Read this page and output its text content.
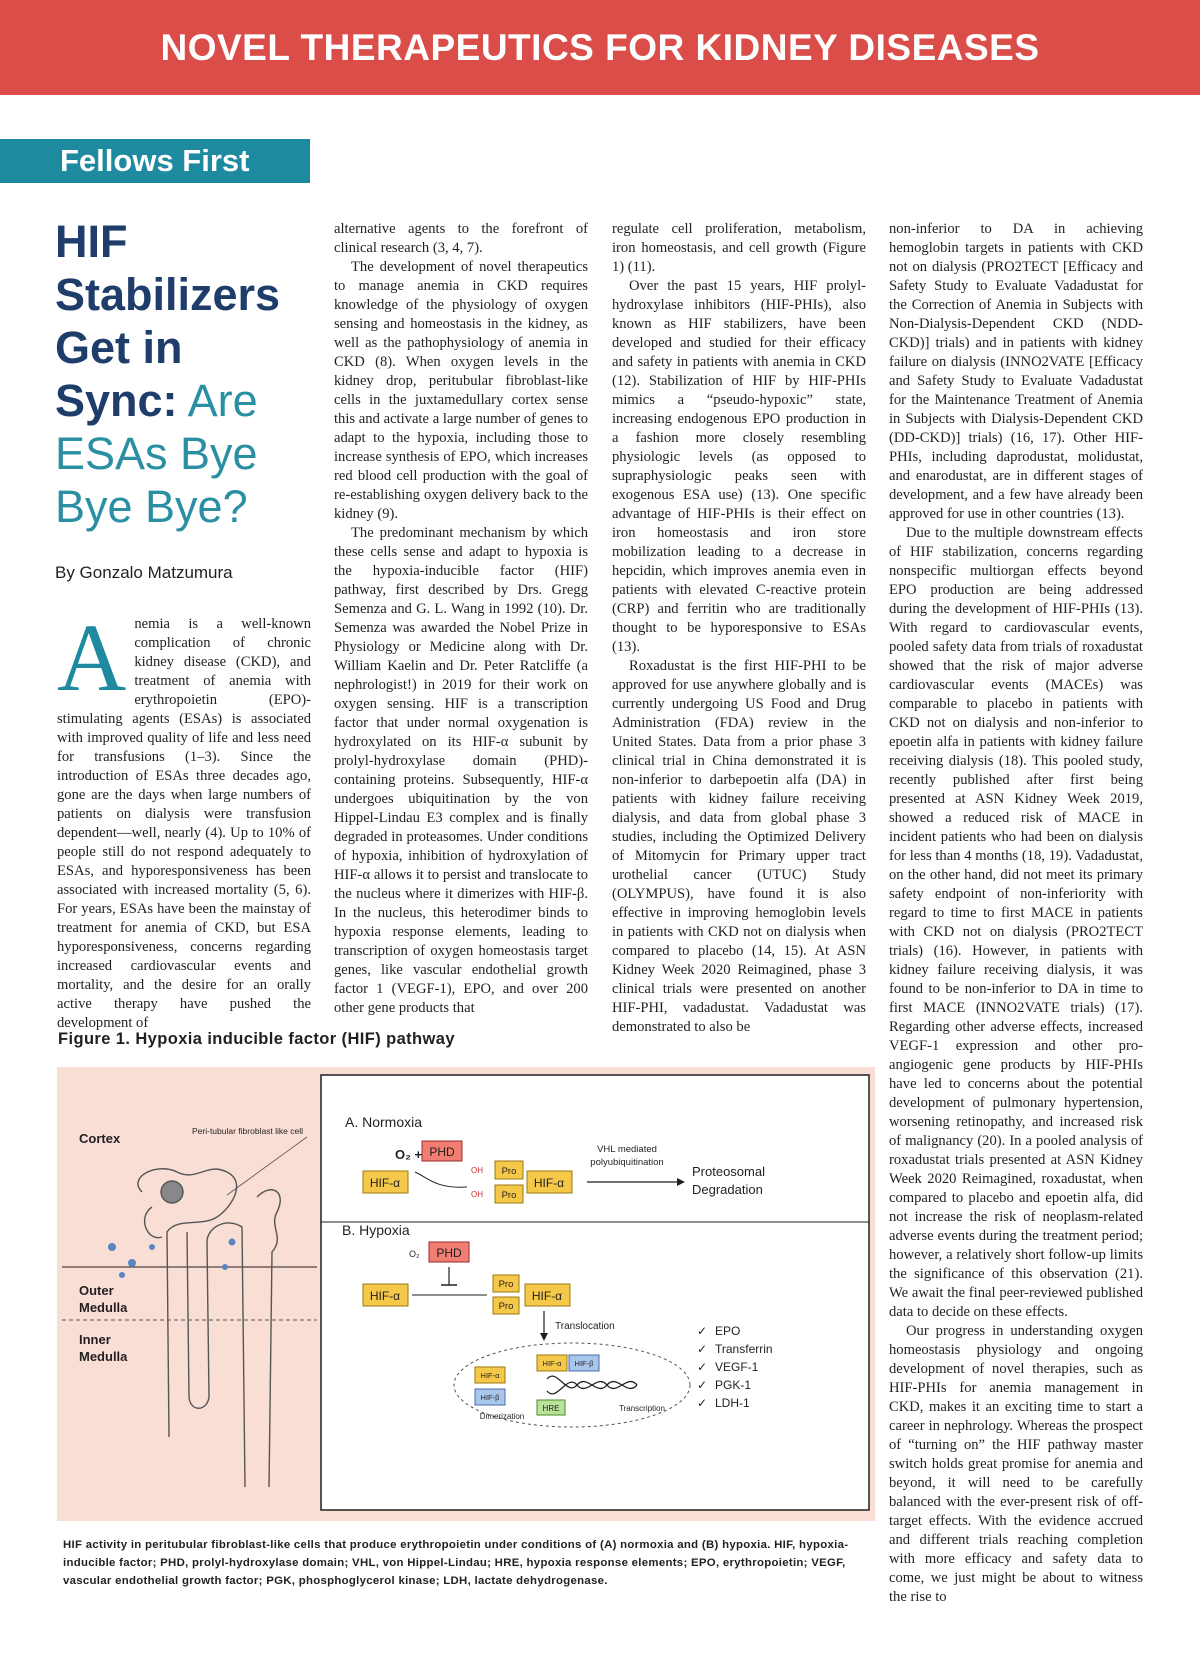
NOVEL THERAPEUTICS FOR KIDNEY DISEASES
Fellows First
HIF Stabilizers Get in Sync: Are ESAs Bye Bye Bye?
By Gonzalo Matzumura
A nemia is a well-known complication of chronic kidney disease (CKD), and treatment of anemia with erythropoietin (EPO)-stimulating agents (ESAs) is associated with improved quality of life and less need for transfusions (1–3). Since the introduction of ESAs three decades ago, gone are the days when large numbers of patients on dialysis were transfusion dependent—well, nearly (4). Up to 10% of people still do not respond adequately to ESAs, and hyporesponsiveness has been associated with increased mortality (5, 6). For years, ESAs have been the mainstay of treatment for anemia of CKD, but ESA hyporesponsiveness, concerns regarding increased cardiovascular events and mortality, and the desire for an orally active therapy have pushed the development of

alternative agents to the forefront of clinical research (3, 4, 7).

The development of novel therapeutics to manage anemia in CKD requires knowledge of the physiology of oxygen sensing and homeostasis in the kidney, as well as the pathophysiology of anemia in CKD (8). When oxygen levels in the kidney drop, peritubular fibroblast-like cells in the juxtamedullary cortex sense this and activate a large number of genes to adapt to the hypoxia, including those to increase synthesis of EPO, which increases red blood cell production with the goal of re-establishing oxygen delivery back to the kidney (9).

The predominant mechanism by which these cells sense and adapt to hypoxia is the hypoxia-inducible factor (HIF) pathway, first described by Drs. Gregg Semenza and G. L. Wang in 1992 (10). Dr. Semenza was awarded the Nobel Prize in Physiology or Medicine along with Dr. William Kaelin and Dr. Peter Ratcliffe (a nephrologist!) in 2019 for their work on oxygen sensing. HIF is a transcription factor that under normal oxygenation is hydroxylated on its HIF-α subunit by prolyl-hydroxylase domain (PHD)-containing proteins. Subsequently, HIF-α undergoes ubiquitination by the von Hippel-Lindau E3 complex and is finally degraded in proteasomes. Under conditions of hypoxia, inhibition of hydroxylation of HIF-α allows it to persist and translocate to the nucleus where it dimerizes with HIF-β. In the nucleus, this heterodimer binds to hypoxia response elements, leading to transcription of oxygen homeostasis target genes, like vascular endothelial growth factor 1 (VEGF-1), EPO, and over 200 other gene products that

regulate cell proliferation, metabolism, iron homeostasis, and cell growth (Figure 1) (11).

Over the past 15 years, HIF prolyl-hydroxylase inhibitors (HIF-PHIs), also known as HIF stabilizers, have been developed and studied for their efficacy and safety in patients with anemia in CKD (12). Stabilization of HIF by HIF-PHIs mimics a “pseudo-hypoxic” state, increasing endogenous EPO production in a fashion more closely resembling physiologic levels (as opposed to supraphysiologic peaks seen with exogenous ESA use) (13). One specific advantage of HIF-PHIs is their effect on iron homeostasis and iron store mobilization leading to a decrease in hepcidin, which improves anemia even in patients with elevated C-reactive protein (CRP) and ferritin who are traditionally thought to be hyporesponsive to ESAs (13).

Roxadustat is the first HIF-PHI to be approved for use anywhere globally and is currently undergoing US Food and Drug Administration (FDA) review in the United States. Data from a prior phase 3 clinical trial in China demonstrated it is non-inferior to darbepoetin alfa (DA) in patients with kidney failure receiving dialysis, and data from global phase 3 studies, including the Optimized Delivery of Mitomycin for Primary upper tract urothelial cancer (UTUC) Study (OLYMPUS), have found it is also effective in improving hemoglobin levels in patients with CKD not on dialysis when compared to placebo (14, 15). At ASN Kidney Week 2020 Reimagined, phase 3 clinical trials were presented on another HIF-PHI, vadadustat. Vadadustat was demonstrated to also be

non-inferior to DA in achieving hemoglobin targets in patients with CKD not on dialysis (PRO2TECT [Efficacy and Safety Study to Evaluate Vadadustat for the Correction of Anemia in Subjects with Non-Dialysis-Dependent CKD (NDD-CKD)] trials) and in patients with kidney failure on dialysis (INNO2VATE [Efficacy and Safety Study to Evaluate Vadadustat for the Maintenance Treatment of Anemia in Subjects with Dialysis-Dependent CKD (DD-CKD)] trials) (16, 17). Other HIF-PHIs, including daprodustat, molidustat, and enarodustat, are in different stages of development, and a few have already been approved for use in other countries (13).

Due to the multiple downstream effects of HIF stabilization, concerns regarding nonspecific multiorgan effects beyond EPO production are being addressed during the development of HIF-PHIs (13). With regard to cardiovascular events, pooled safety data from trials of roxadustat showed that the risk of major adverse cardiovascular events (MACEs) was comparable to placebo in patients with CKD not on dialysis and non-inferior to epoetin alfa in patients with kidney failure receiving dialysis (18). This pooled study, recently published after first being presented at ASN Kidney Week 2019, showed a reduced risk of MACE in incident patients who had been on dialysis for less than 4 months (18, 19). Vadadustat, on the other hand, did not meet its primary safety endpoint of non-inferiority with regard to time to first MACE in patients with CKD not on dialysis (PRO2TECT trials) (16). However, in patients with kidney failure receiving dialysis, it was found to be non-inferior to DA in time to first MACE (INNO2VATE trials) (17). Regarding other adverse effects, increased VEGF-1 expression and other pro-angiogenic gene products by HIF-PHIs have led to concerns about the potential development of pulmonary hypertension, worsening retinopathy, and increased risk of malignancy (20). In a pooled analysis of roxadustat trials presented at ASN Kidney Week 2020 Reimagined, roxadustat, when compared to placebo and epoetin alfa, did not increase the risk of neoplasm-related adverse events during the treatment period; however, a relatively short follow-up limits the significance of this observation (21). We await the final peer-reviewed published data to decide on these effects.

Our progress in understanding oxygen homeostasis physiology and ongoing development of novel therapies, such as HIF-PHIs for anemia management in CKD, makes it an exciting time to start a career in nephrology. Whereas the prospect of “turning on” the HIF pathway master switch holds great promise for anemia and beyond, it will need to be carefully balanced with the ever-present risk of off-target effects. With the evidence accrued and different trials reaching completion with more efficacy and safety data to come, we just might be about to witness the rise to

Figure 1. Hypoxia inducible factor (HIF) pathway
Cortex	Peri-tubular fibroblast like cell
Outer
Medulla
Inner
Medulla
A. Normoxia
O₂ + PHD
HIF-α
OH
OH
Pro
Pro
HIF-α
VHL mediated
polyubiquitination
Proteosomal
Degradation
B. Hypoxia
O₂ PHD
HIF-α
Pro
Pro
HIF-α
Translocation
HIF-α
HIF-β
Dimerization
HIF-α HIF-β
HRE	Transcription
✓ EPO
✓ Transferrin
✓ VEGF-1
✓ PGK-1
✓ LDH-1
HIF activity in peritubular fibroblast-like cells that produce erythropoietin under conditions of (A) normoxia and (B) hypoxia. HIF, hypoxia-inducible factor; PHD, prolyl-hydroxylase domain; VHL, von Hippel-Lindau; HRE, hypoxia response elements; EPO, erythropoietin; VEGF, vascular endothelial growth factor; PGK, phosphoglycerol kinase; LDH, lactate dehydrogenase.
